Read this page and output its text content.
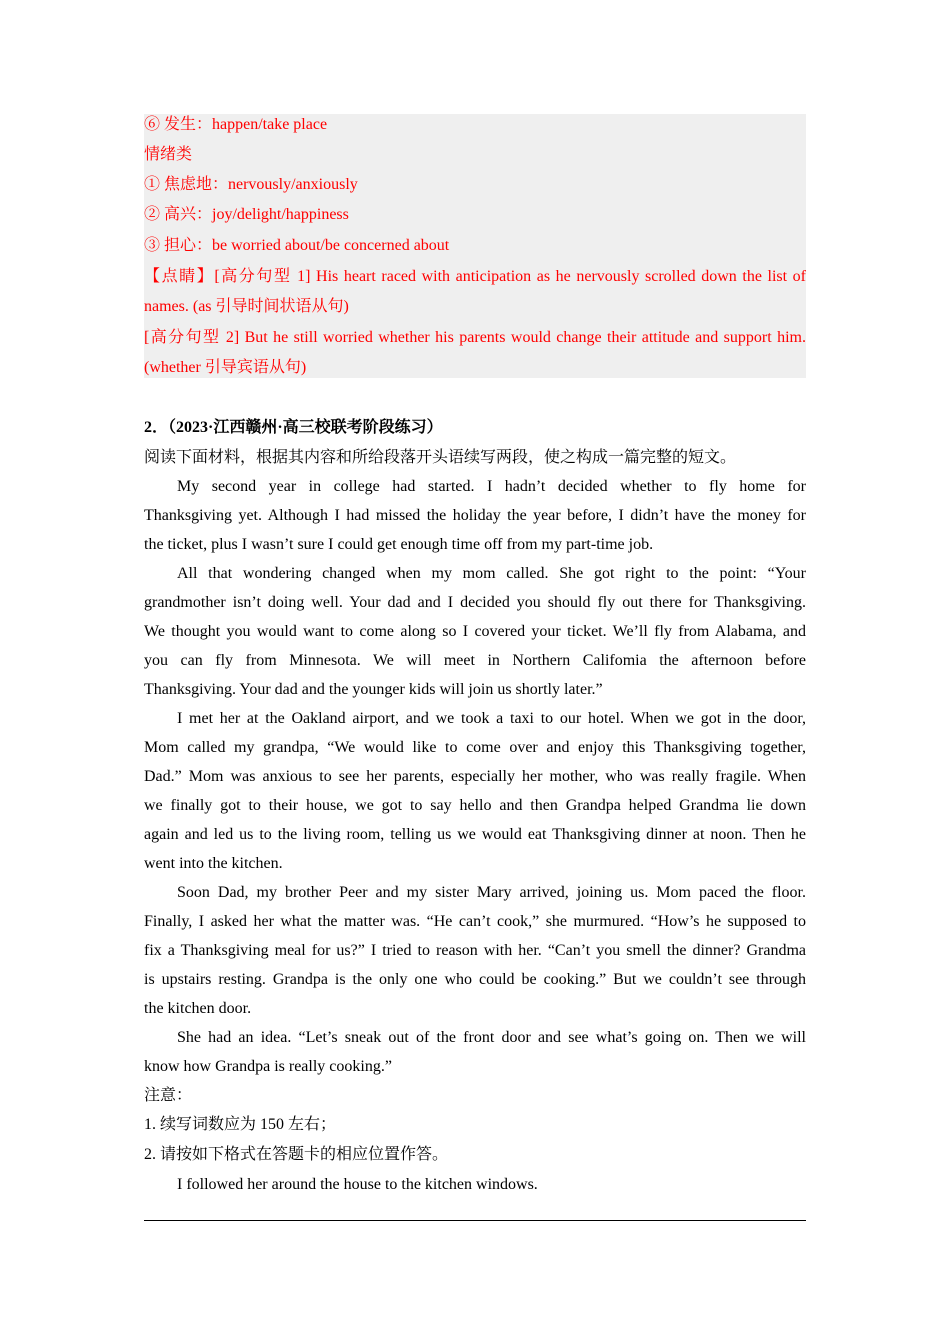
⑥ 发生：happen/take place
情绪类
① 焦虑地：nervously/anxiously
② 高兴：joy/delight/happiness
③ 担心：be worried about/be concerned about
【点睛】[高分句型 1] His heart raced with anticipation as he nervously scrolled down the list of
names. (as 引导时间状语从句)
[高分句型 2] But he still worried whether his parents would change their attitude and support him.
(whether 引导宾语从句)
2．（2023·江西赣州·高三校联考阶段练习）
阅读下面材料，根据其内容和所给段落开头语续写两段，使之构成一篇完整的短文。
My second year in college had started. I hadn’t decided whether to fly home for
Thanksgiving yet. Although I had missed the holiday the year before, I didn’t have the money for
the ticket, plus I wasn’t sure I could get enough time off from my part-time job.
All that wondering changed when my mom called. She got right to the point: “Your
grandmother isn’t doing well. Your dad and I decided you should fly out there for Thanksgiving.
We thought you would want to come along so I covered your ticket. We’ll fly from Alabama, and
you can fly from Minnesota. We will meet in Northern Califomia the afternoon before
Thanksgiving. Your dad and the younger kids will join us shortly later.”
I met her at the Oakland airport, and we took a taxi to our hotel. When we got in the door,
Mom called my grandpa, “We would like to come over and enjoy this Thanksgiving together,
Dad.” Mom was anxious to see her parents, especially her mother, who was really fragile. When
we finally got to their house, we got to say hello and then Grandpa helped Grandma lie down
again and led us to the living room, telling us we would eat Thanksgiving dinner at noon. Then he
went into the kitchen.
Soon Dad, my brother Peer and my sister Mary arrived, joining us. Mom paced the floor.
Finally, I asked her what the matter was. “He can’t cook,” she murmured. “How’s he supposed to
fix a Thanksgiving meal for us?” I tried to reason with her. “Can’t you smell the dinner? Grandma
is upstairs resting. Grandpa is the only one who could be cooking.” But we couldn’t see through
the kitchen door.
She had an idea. “Let’s sneak out of the front door and see what’s going on. Then we will
know how Grandpa is really cooking.”
注意：
1. 续写词数应为 150 左右；
2. 请按如下格式在答题卡的相应位置作答。
I followed her around the house to the kitchen windows.
